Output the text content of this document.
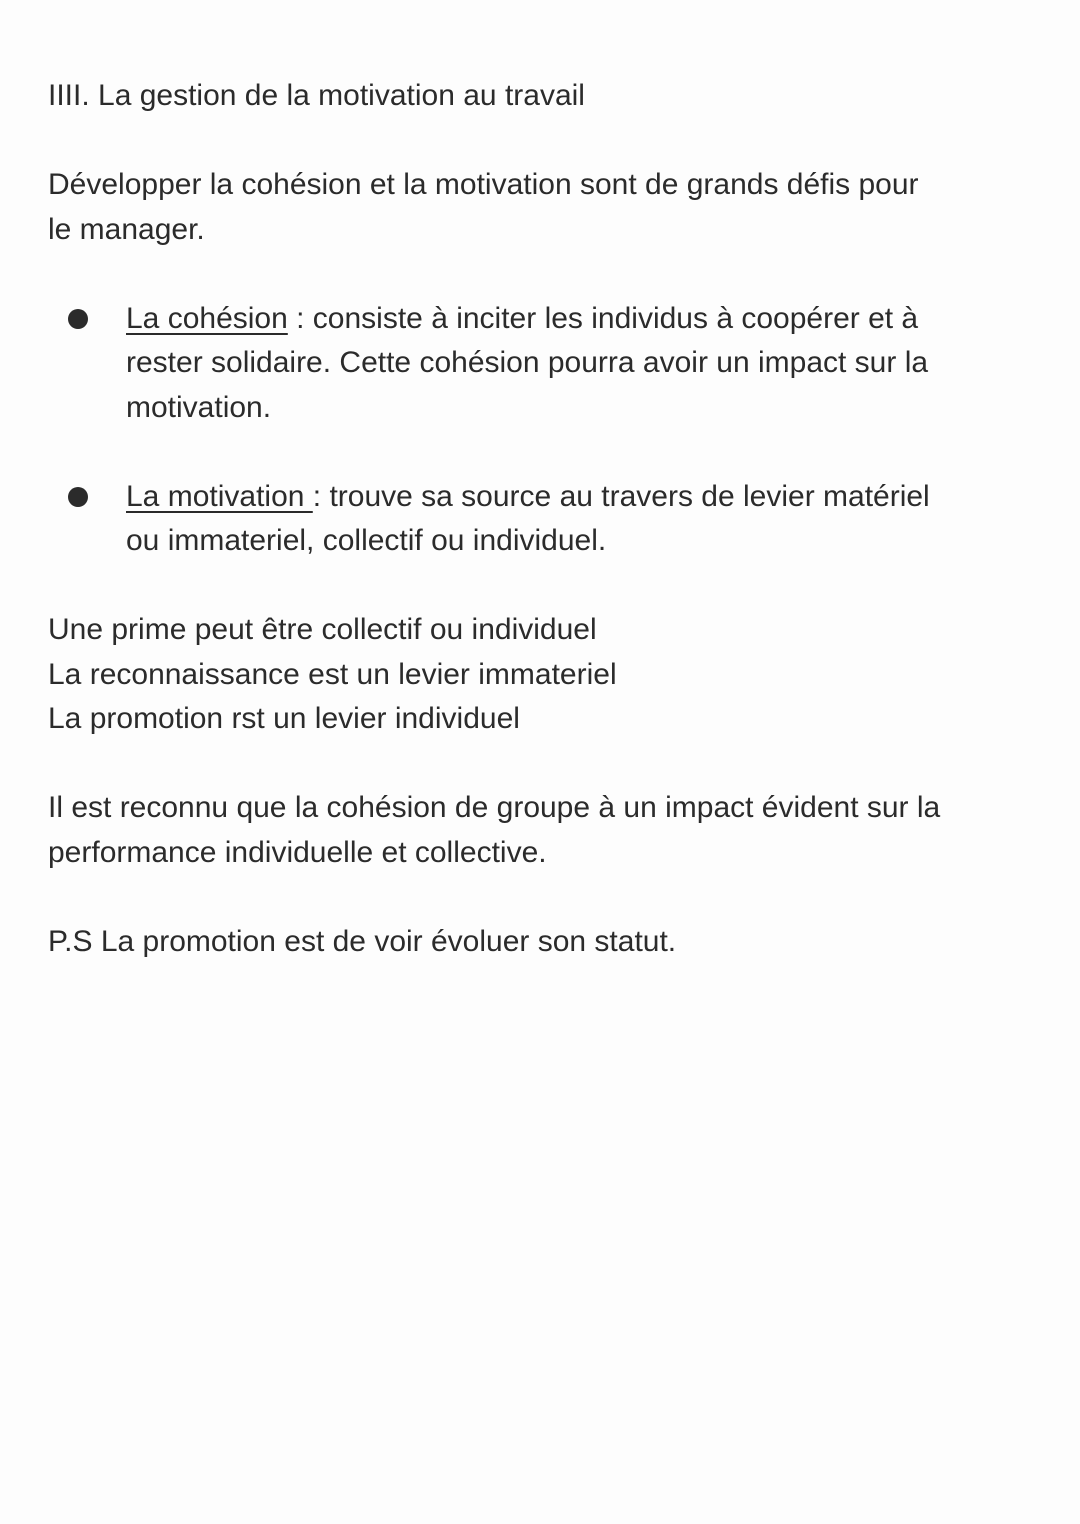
IIII. La gestion de la motivation au travail

Développer la cohésion et la motivation sont de grands défis pour

le manager.

La cohésion : consiste à inciter les individus à coopérer et à
rester solidaire. Cette cohésion pourra avoir un impact sur la
motivation.
La motivation : trouve sa source au travers de levier matériel
ou immateriel, collectif ou individuel.

Une prime peut être collectif ou individuel

La reconnaissance est un levier immateriel

La promotion rst un levier individuel

Il est reconnu que la cohésion de groupe à un impact évident sur la

performance individuelle et collective.

P.S La promotion est de voir évoluer son statut.
